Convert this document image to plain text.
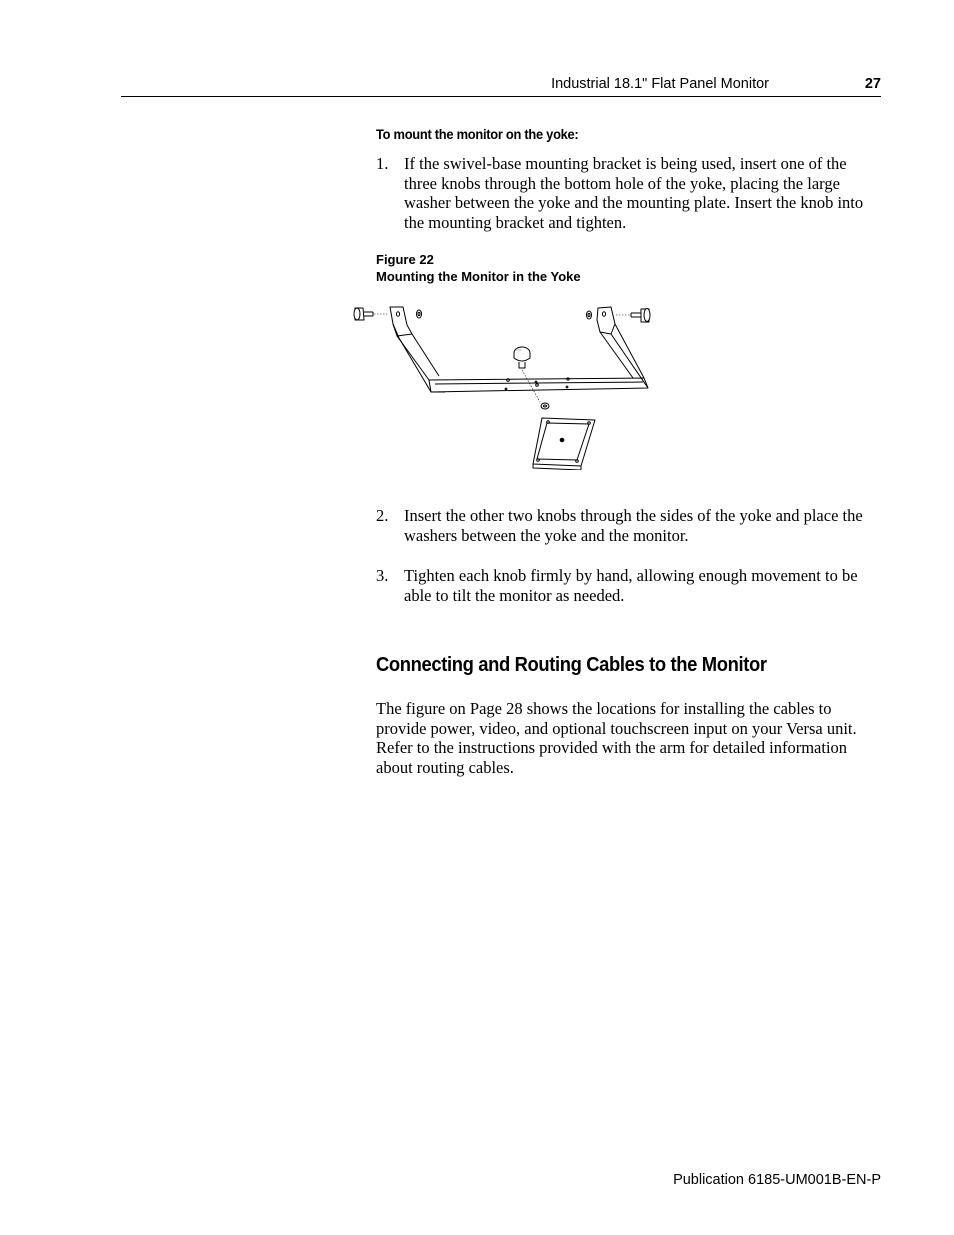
Industrial 18.1" Flat Panel Monitor	27

To mount the monitor on the yoke:

1. If the swivel-base mounting bracket is being used, insert one of the three knobs through the bottom hole of the yoke, placing the large washer between the yoke and the mounting plate. Insert the knob into the mounting bracket and tighten.
Figure 22
Mounting the Monitor in the Yoke
2. Insert the other two knobs through the sides of the yoke and place the washers between the yoke and the monitor.
3. Tighten each knob firmly by hand, allowing enough movement to be able to tilt the monitor as needed.
Connecting and Routing Cables to the Monitor
The figure on Page 28 shows the locations for installing the cables to provide power, video, and optional touchscreen input on your Versa unit. Refer to the instructions provided with the arm for detailed information about routing cables.
Publication 6185-UM001B-EN-P
